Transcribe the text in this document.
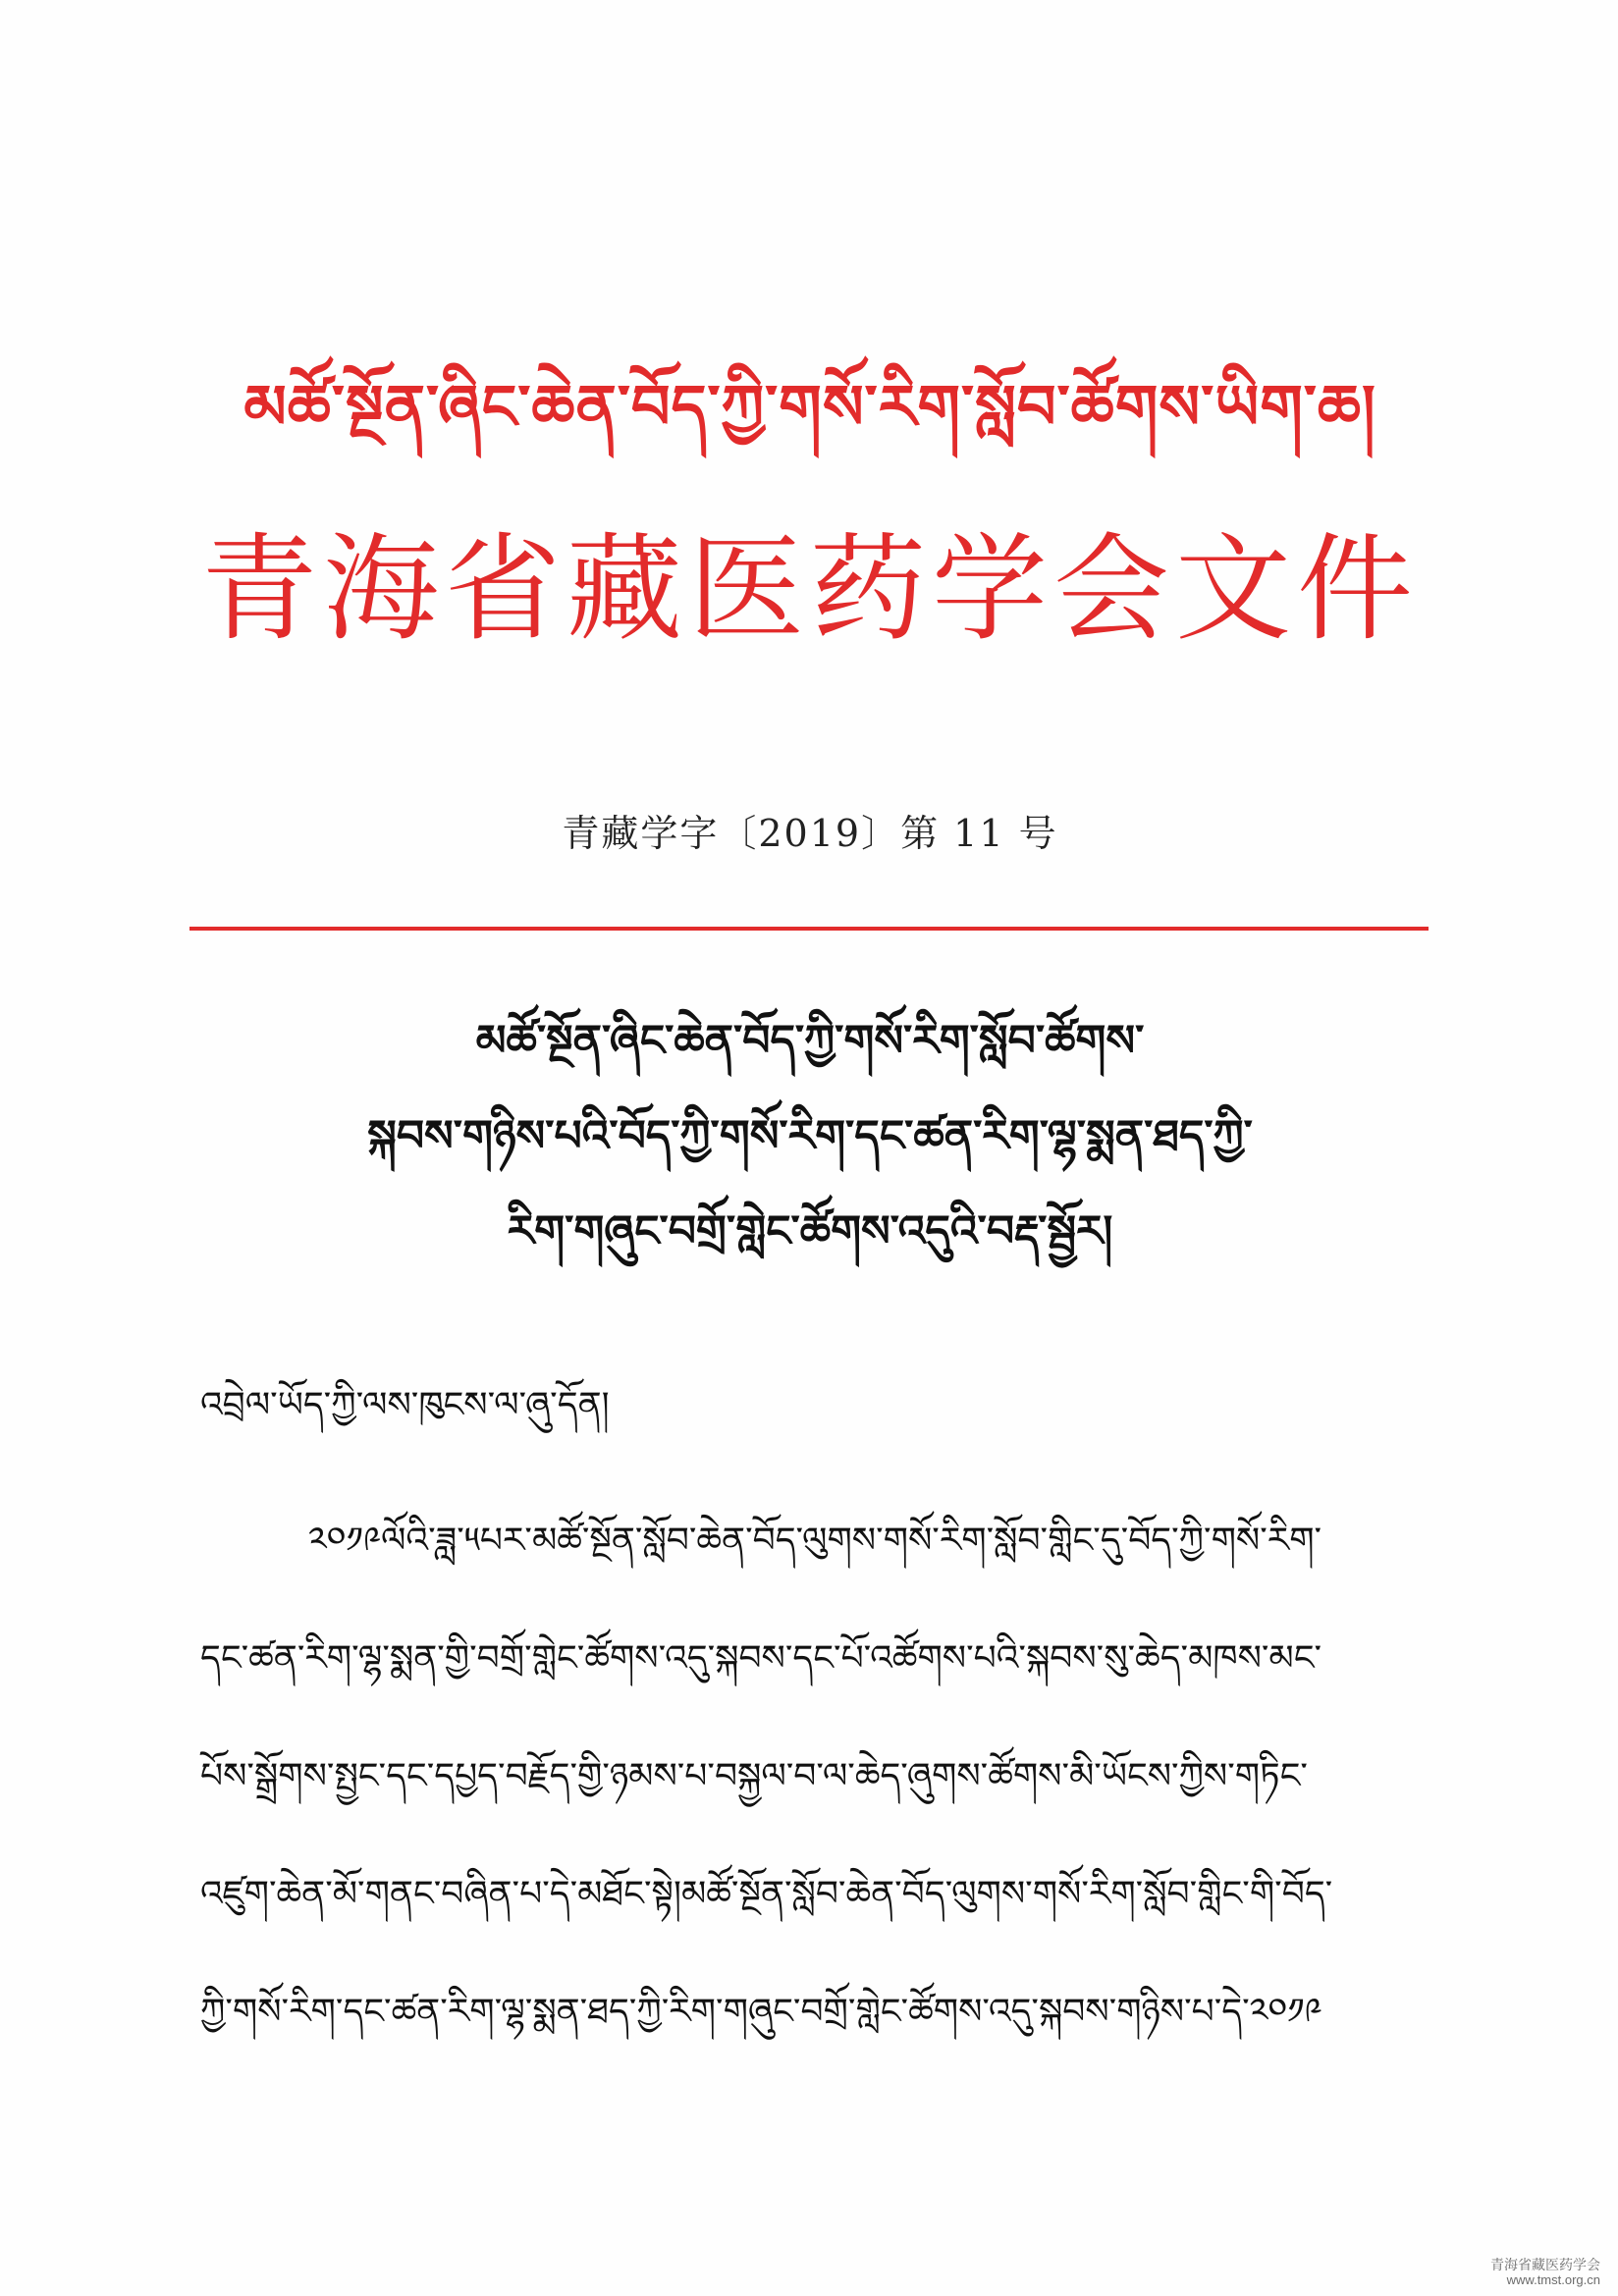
མཚོ་སྔོན་ཞིང་ཆེན་བོད་ཀྱི་གསོ་རིག་སློབ་ཚོགས་ཡིག་ཆ།
青海省藏医药学会文件
青藏学字〔2019〕第 11 号
མཚོ་སྔོན་ཞིང་ཆེན་བོད་ཀྱི་གསོ་རིག་སློབ་ཚོགས་
སྐབས་གཉིས་པའི་བོད་ཀྱི་གསོ་རིག་དང་ཚན་རིག་ལྷ་སྨན་ཐད་ཀྱི་
རིག་གཞུང་བགྲོ་གླེང་ཚོགས་འདུའི་བརྡ་སྦྱོར།
འབྲེལ་ཡོད་ཀྱི་ལས་ཁུངས་ལ་ཞུ་དོན།
༢༠༡༩ལོའི་ཟླ་༥པར་མཚོ་སྔོན་སློབ་ཆེན་བོད་ལུགས་གསོ་རིག་སློབ་གླིང་དུ་བོད་ཀྱི་གསོ་རིག་
དང་ཚན་རིག་ལྷ་སྨན་གྱི་བགྲོ་གླེང་ཚོགས་འདུ་སྐབས་དང་པོ་འཚོགས་པའི་སྐབས་སུ་ཆེད་མཁས་མང་
པོས་སྒྲོགས་སྤྱང་དང་དཔྱད་བརྗོད་གྱི་ཉམས་པ་བསྐྱལ་བ་ལ་ཆེད་ཞུགས་ཚོགས་མི་ཡོངས་ཀྱིས་གཏིང་
འཛུག་ཆེན་མོ་གནང་བཞིན་པ་དེ་མཐོང་སྟེ།མཚོ་སྔོན་སློབ་ཆེན་བོད་ལུགས་གསོ་རིག་སློབ་གླིང་གི་བོད་
ཀྱི་གསོ་རིག་དང་ཚན་རིག་ལྷ་སྨན་ཐད་ཀྱི་རིག་གཞུང་བགྲོ་གླེང་ཚོགས་འདུ་སྐབས་གཉིས་པ་དེ་༢༠༡༩
青海省藏医药学会
www.tmst.org.cn
